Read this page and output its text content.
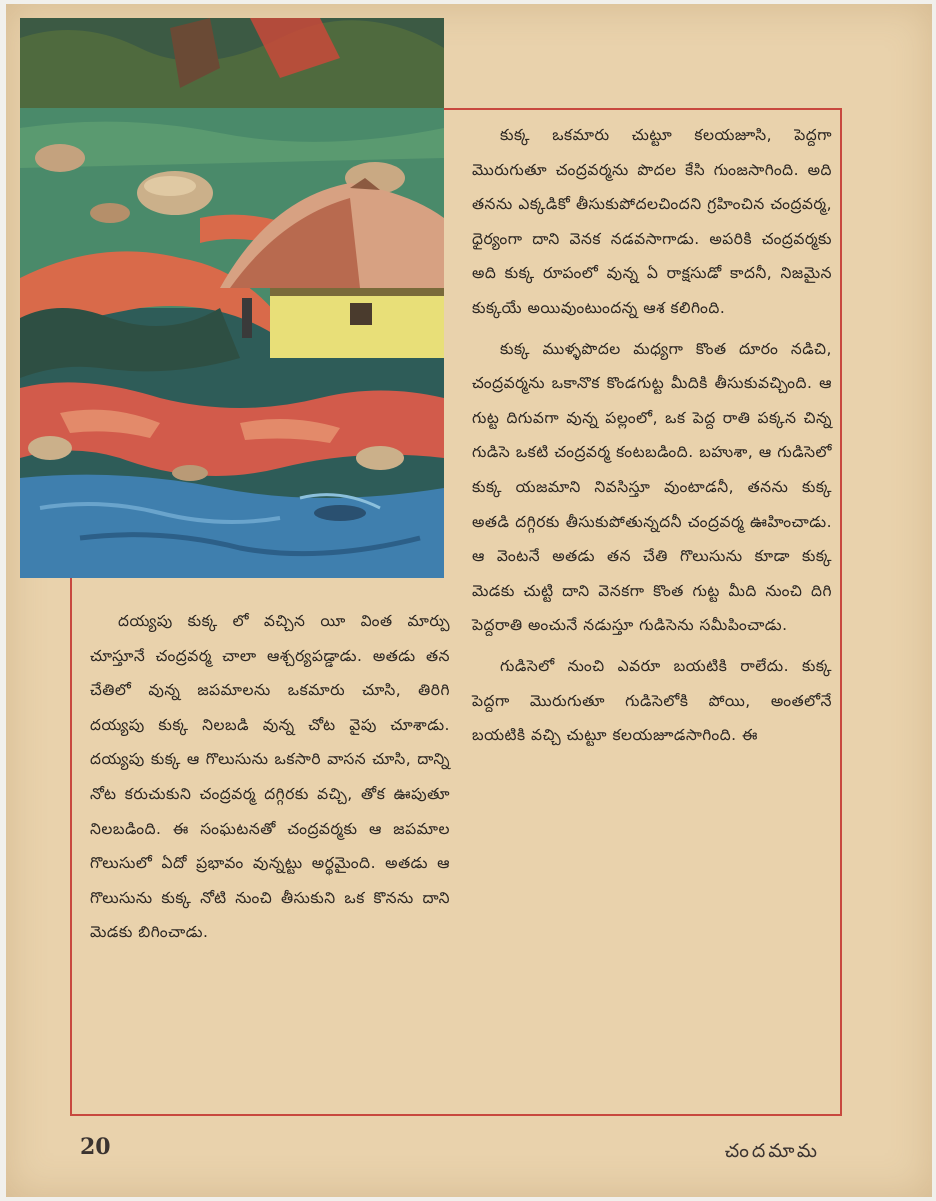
దయ్యపు కుక్క లో వచ్చిన యీ వింత మార్పు చూస్తూనే చంద్రవర్మ చాలా ఆశ్చర్యపడ్డాడు. అతడు తన చేతిలో వున్న జపమాలను ఒకమారు చూసి, తిరిగి దయ్యపు కుక్క నిలబడి వున్న చోట వైపు చూశాడు. దయ్యపు కుక్క ఆ గొలుసును ఒకసారి వాసన చూసి, దాన్ని నోట కరుచుకుని చంద్రవర్మ దగ్గిరకు వచ్చి, తోక ఊపుతూ నిలబడింది. ఈ సంఘటనతో చంద్రవర్మకు ఆ జపమాల గొలుసులో ఏదో ప్రభావం వున్నట్టు అర్థమైంది. అతడు ఆ గొలుసును కుక్క నోటి నుంచి తీసుకుని ఒక కొనను దాని మెడకు బిగించాడు.

కుక్క ఒకమారు చుట్టూ కలయజూసి, పెద్దగా మొరుగుతూ చంద్రవర్మను పొదల కేసి గుంజసాగింది. అది తనను ఎక్కడికో తీసుకుపోదలచిందని గ్రహించిన చంద్రవర్మ, ధైర్యంగా దాని వెనక నడవసాగాడు. అపరికి చంద్రవర్మకు అది కుక్క రూపంలో వున్న ఏ రాక్షసుడో కాదనీ, నిజమైన కుక్కయే అయివుంటుందన్న ఆశ కలిగింది.

కుక్క ముళ్ళపొదల మధ్యగా కొంత దూరం నడిచి, చంద్రవర్మను ఒకానొక కొండగుట్ట మీదికి తీసుకువచ్చింది. ఆ గుట్ట దిగువగా వున్న పల్లంలో, ఒక పెద్ద రాతి పక్కన చిన్న గుడిసె ఒకటి చంద్రవర్మ కంటబడింది. బహుశా, ఆ గుడిసెలో కుక్క యజమాని నివసిస్తూ వుంటాడనీ, తనను కుక్క అతడి దగ్గిరకు తీసుకుపోతున్నదనీ చంద్రవర్మ ఊహించాడు. ఆ వెంటనే అతడు తన చేతి గొలుసును కూడా కుక్క మెడకు చుట్టి దాని వెనకగా కొంత గుట్ట మీది నుంచి దిగి పెద్దరాతి అంచునే నడుస్తూ గుడిసెను సమీపించాడు.

గుడిసెలో నుంచి ఎవరూ బయటికి రాలేదు. కుక్క పెద్దగా మొరుగుతూ గుడిసెలోకి పోయి, అంతలోనే బయటికి వచ్చి చుట్టూ కలయజూడసాగింది. ఈ

20	చందమామ
